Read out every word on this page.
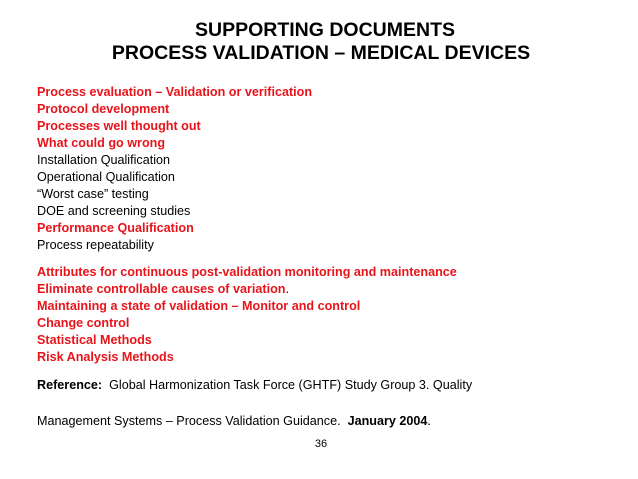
SUPPORTING DOCUMENTS
PROCESS VALIDATION – MEDICAL DEVICES
Process evaluation – Validation or verification
Protocol development
Processes well thought out
What could go wrong
Installation Qualification
Operational Qualification
“Worst case” testing
DOE and screening studies
Performance Qualification
Process repeatability
Attributes for continuous post-validation monitoring and maintenance
Eliminate controllable causes of variation.
Maintaining a state of validation – Monitor and control
Change control
Statistical Methods
Risk Analysis Methods
Reference: Global Harmonization Task Force (GHTF) Study Group 3. Quality
Management Systems – Process Validation Guidance. January 2004.
36
